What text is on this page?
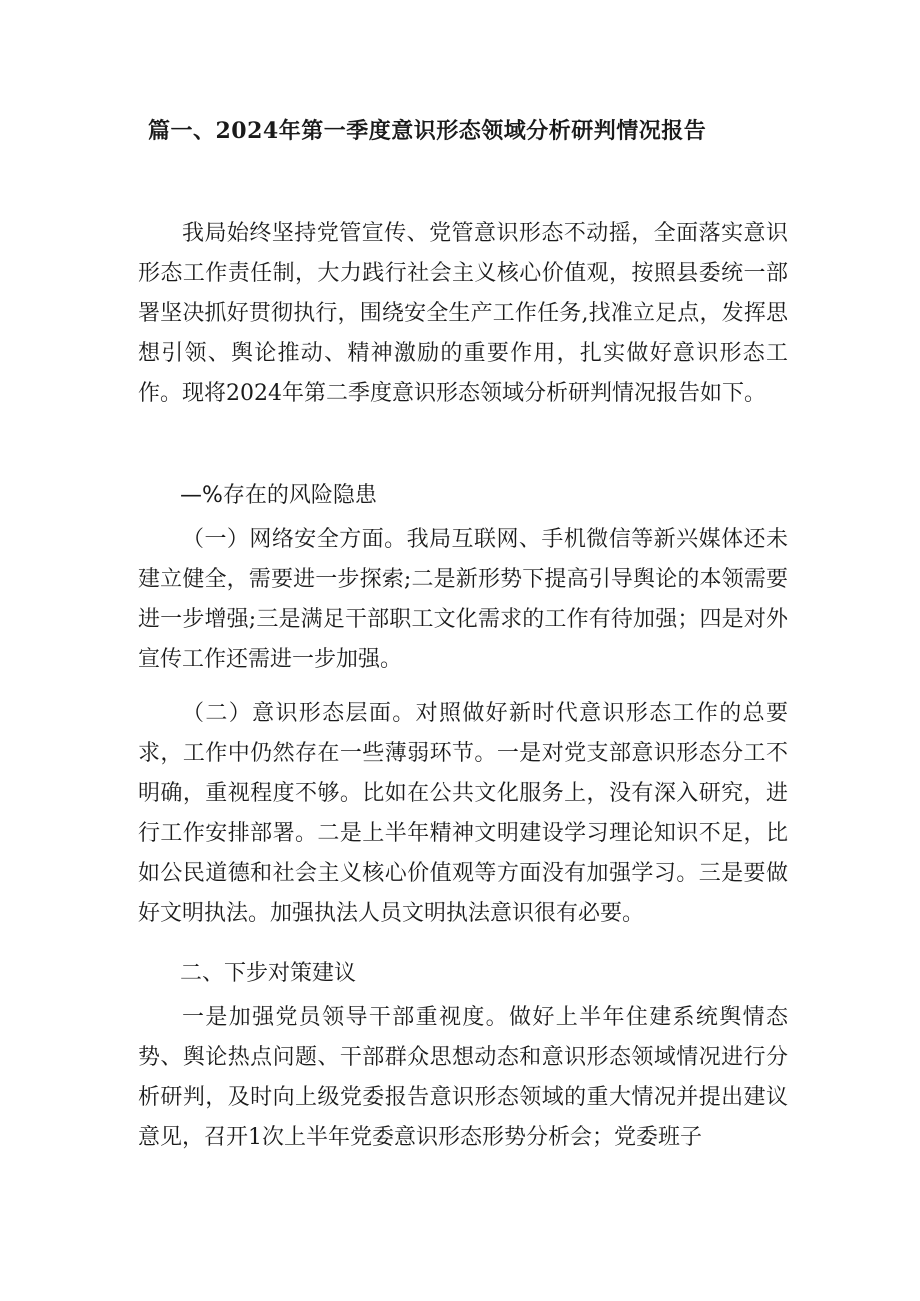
篇一、2024年第一季度意识形态领域分析研判情况报告

我局始终坚持党管宣传、党管意识形态不动摇，全面落实意识形态工作责任制，大力践行社会主义核心价值观，按照县委统一部署坚决抓好贯彻执行，围绕安全生产工作任务,找准立足点，发挥思想引领、舆论推动、精神激励的重要作用，扎实做好意识形态工作。现将2024年第二季度意识形态领域分析研判情况报告如下。

—%存在的风险隐患

（一）网络安全方面。我局互联网、手机微信等新兴媒体还未建立健全，需要进一步探索;二是新形势下提高引导舆论的本领需要进一步增强;三是满足干部职工文化需求的工作有待加强；四是对外宣传工作还需进一步加强。

（二）意识形态层面。对照做好新时代意识形态工作的总要求，工作中仍然存在一些薄弱环节。一是对党支部意识形态分工不明确，重视程度不够。比如在公共文化服务上，没有深入研究，进行工作安排部署。二是上半年精神文明建设学习理论知识不足，比如公民道德和社会主义核心价值观等方面没有加强学习。三是要做好文明执法。加强执法人员文明执法意识很有必要。

二、下步对策建议

一是加强党员领导干部重视度。做好上半年住建系统舆情态势、舆论热点问题、干部群众思想动态和意识形态领域情况进行分析研判，及时向上级党委报告意识形态领域的重大情况并提出建议意见，召开1次上半年党委意识形态形势分析会；党委班子
